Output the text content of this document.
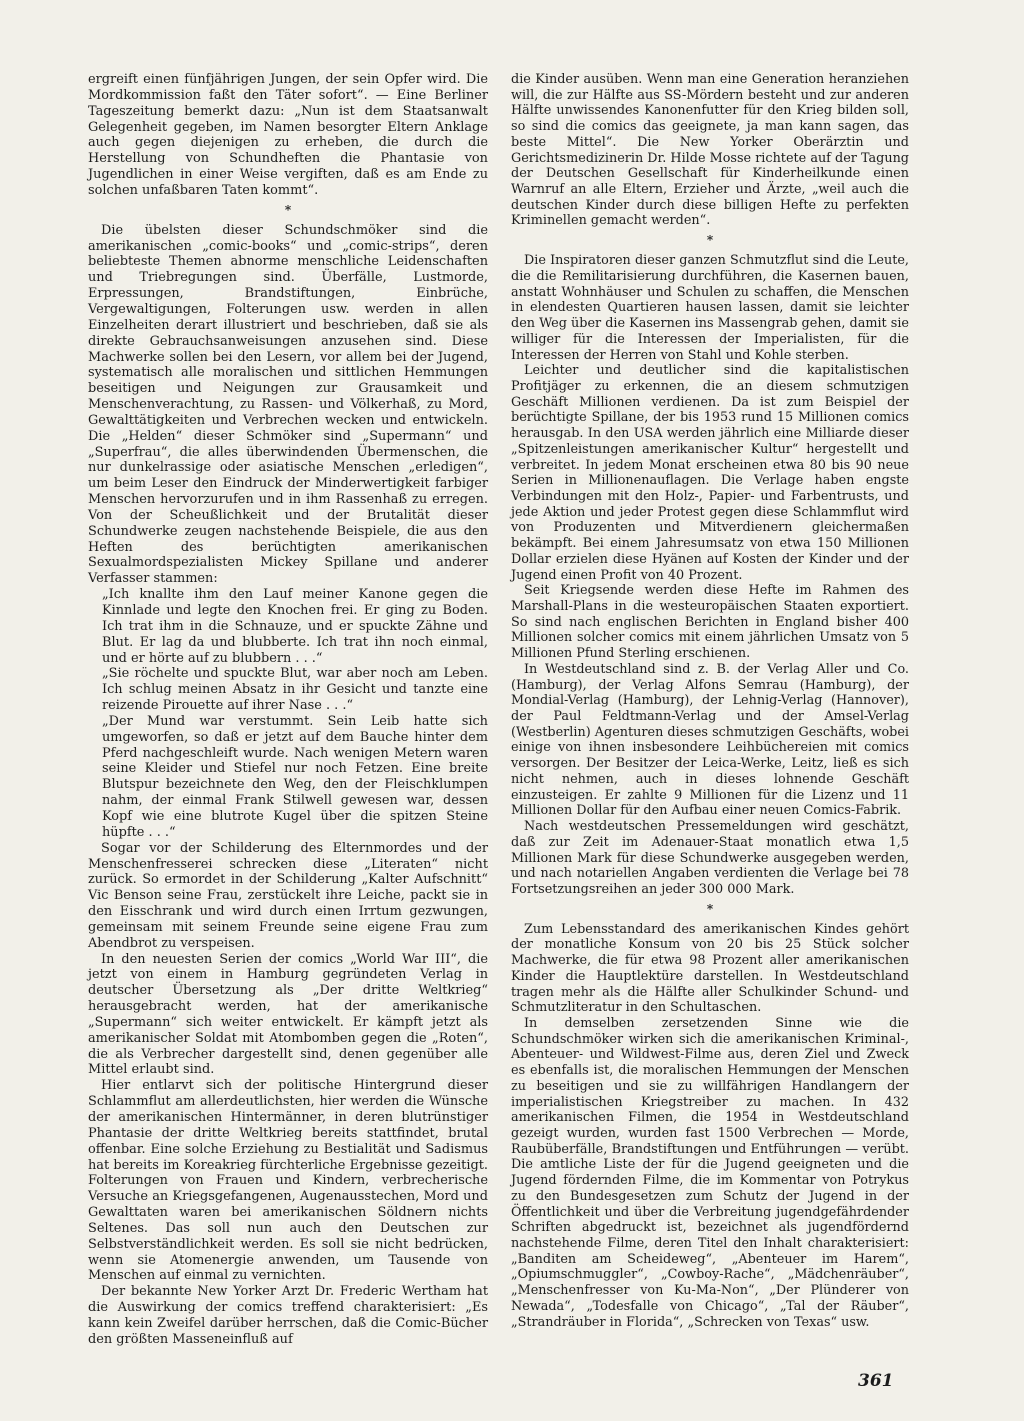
ergreift einen fünfjährigen Jungen, der sein Opfer wird. Die Mordkommission faßt den Täter sofort“. — Eine Berliner Tageszeitung bemerkt dazu: „Nun ist dem Staatsanwalt Gelegenheit gegeben, im Namen besorgter Eltern Anklage auch gegen diejenigen zu erheben, die durch die Herstellung von Schundheften die Phantasie von Jugendlichen in einer Weise vergiften, daß es am Ende zu solchen unfaßbaren Taten kommt“.

*

Die übelsten dieser Schundschmöker sind die amerikanischen „comic-books“ und „comic-strips“, deren beliebteste Themen abnorme menschliche Leidenschaften und Triebregungen sind. Überfälle, Lustmorde, Erpressungen, Brandstiftungen, Einbrüche, Vergewaltigungen, Folterungen usw. werden in allen Einzelheiten derart illustriert und beschrieben, daß sie als direkte Gebrauchsanweisungen anzusehen sind. Diese Machwerke sollen bei den Lesern, vor allem bei der Jugend, systematisch alle moralischen und sittlichen Hemmungen beseitigen und Neigungen zur Grausamkeit und Menschenverachtung, zu Rassen- und Völkerhaß, zu Mord, Gewalttätigkeiten und Verbrechen wecken und entwickeln. Die „Helden“ dieser Schmöker sind „Supermann“ und „Superfrau“, die alles überwindenden Übermenschen, die nur dunkelrassige oder asiatische Menschen „erledigen“, um beim Leser den Eindruck der Minderwertigkeit farbiger Menschen hervorzurufen und in ihm Rassenhaß zu erregen. Von der Scheußlichkeit und der Brutalität dieser Schundwerke zeugen nachstehende Beispiele, die aus den Heften des berüchtigten amerikanischen Sexualmordspezialisten Mickey Spillane und anderer Verfasser stammen:

„Ich knallte ihm den Lauf meiner Kanone gegen die Kinnlade und legte den Knochen frei. Er ging zu Boden. Ich trat ihm in die Schnauze, und er spuckte Zähne und Blut. Er lag da und blubberte. Ich trat ihn noch einmal, und er hörte auf zu blubbern . . .“

„Sie röchelte und spuckte Blut, war aber noch am Leben. Ich schlug meinen Absatz in ihr Gesicht und tanzte eine reizende Pirouette auf ihrer Nase . . .“

„Der Mund war verstummt. Sein Leib hatte sich umgeworfen, so daß er jetzt auf dem Bauche hinter dem Pferd nachgeschleift wurde. Nach wenigen Metern waren seine Kleider und Stiefel nur noch Fetzen. Eine breite Blutspur bezeichnete den Weg, den der Fleischklumpen nahm, der einmal Frank Stilwell gewesen war, dessen Kopf wie eine blutrote Kugel über die spitzen Steine hüpfte . . .“

Sogar vor der Schilderung des Elternmordes und der Menschenfresserei schrecken diese „Literaten“ nicht zurück. So ermordet in der Schilderung „Kalter Aufschnitt“ Vic Benson seine Frau, zerstückelt ihre Leiche, packt sie in den Eisschrank und wird durch einen Irrtum gezwungen, gemeinsam mit seinem Freunde seine eigene Frau zum Abendbrot zu verspeisen.

In den neuesten Serien der comics „World War III“, die jetzt von einem in Hamburg gegründeten Verlag in deutscher Übersetzung als „Der dritte Weltkrieg“ herausgebracht werden, hat der amerikanische „Supermann“ sich weiter entwickelt. Er kämpft jetzt als amerikanischer Soldat mit Atombomben gegen die „Roten“, die als Verbrecher dargestellt sind, denen gegenüber alle Mittel erlaubt sind.

Hier entlarvt sich der politische Hintergrund dieser Schlammflut am allerdeutlichsten, hier werden die Wünsche der amerikanischen Hintermänner, in deren blutrünstiger Phantasie der dritte Weltkrieg bereits stattfindet, brutal offenbar. Eine solche Erziehung zu Bestialität und Sadismus hat bereits im Koreakrieg fürchterliche Ergebnisse gezeitigt. Folterungen von Frauen und Kindern, verbrecherische Versuche an Kriegsgefangenen, Augenausstechen, Mord und Gewalttaten waren bei amerikanischen Söldnern nichts Seltenes. Das soll nun auch den Deutschen zur Selbstverständlichkeit werden. Es soll sie nicht bedrücken, wenn sie Atomenergie anwenden, um Tausende von Menschen auf einmal zu vernichten.

Der bekannte New Yorker Arzt Dr. Frederic Wertham hat die Auswirkung der comics treffend charakterisiert: „Es kann kein Zweifel darüber herrschen, daß die Comic-Bücher den größten Masseneinfluß auf

die Kinder ausüben. Wenn man eine Generation heranziehen will, die zur Hälfte aus SS-Mördern besteht und zur anderen Hälfte unwissendes Kanonenfutter für den Krieg bilden soll, so sind die comics das geeignete, ja man kann sagen, das beste Mittel“. Die New Yorker Oberärztin und Gerichtsmedizinerin Dr. Hilde Mosse richtete auf der Tagung der Deutschen Gesellschaft für Kinderheilkunde einen Warnruf an alle Eltern, Erzieher und Ärzte, „weil auch die deutschen Kinder durch diese billigen Hefte zu perfekten Kriminellen gemacht werden“.

*

Die Inspiratoren dieser ganzen Schmutzflut sind die Leute, die die Remilitarisierung durchführen, die Kasernen bauen, anstatt Wohnhäuser und Schulen zu schaffen, die Menschen in elendesten Quartieren hausen lassen, damit sie leichter den Weg über die Kasernen ins Massengrab gehen, damit sie williger für die Interessen der Imperialisten, für die Interessen der Herren von Stahl und Kohle sterben.

Leichter und deutlicher sind die kapitalistischen Profitjäger zu erkennen, die an diesem schmutzigen Geschäft Millionen verdienen. Da ist zum Beispiel der berüchtigte Spillane, der bis 1953 rund 15 Millionen comics herausgab. In den USA werden jährlich eine Milliarde dieser „Spitzenleistungen amerikanischer Kultur“ hergestellt und verbreitet. In jedem Monat erscheinen etwa 80 bis 90 neue Serien in Millionenauflagen. Die Verlage haben engste Verbindungen mit den Holz-, Papier- und Farbentrusts, und jede Aktion und jeder Protest gegen diese Schlammflut wird von Produzenten und Mitverdienern gleichermaßen bekämpft. Bei einem Jahresumsatz von etwa 150 Millionen Dollar erzielen diese Hyänen auf Kosten der Kinder und der Jugend einen Profit von 40 Prozent.

Seit Kriegsende werden diese Hefte im Rahmen des Marshall-Plans in die westeuropäischen Staaten exportiert. So sind nach englischen Berichten in England bisher 400 Millionen solcher comics mit einem jährlichen Umsatz von 5 Millionen Pfund Sterling erschienen.

In Westdeutschland sind z. B. der Verlag Aller und Co. (Hamburg), der Verlag Alfons Semrau (Hamburg), der Mondial-Verlag (Hamburg), der Lehnig-Verlag (Hannover), der Paul Feldtmann-Verlag und der Amsel-Verlag (Westberlin) Agenturen dieses schmutzigen Geschäfts, wobei einige von ihnen insbesondere Leihbüchereien mit comics versorgen. Der Besitzer der Leica-Werke, Leitz, ließ es sich nicht nehmen, auch in dieses lohnende Geschäft einzusteigen. Er zahlte 9 Millionen für die Lizenz und 11 Millionen Dollar für den Aufbau einer neuen Comics-Fabrik.

Nach westdeutschen Pressemeldungen wird geschätzt, daß zur Zeit im Adenauer-Staat monatlich etwa 1,5 Millionen Mark für diese Schundwerke ausgegeben werden, und nach notariellen Angaben verdienten die Verlage bei 78 Fortsetzungsreihen an jeder 300 000 Mark.

*

Zum Lebensstandard des amerikanischen Kindes gehört der monatliche Konsum von 20 bis 25 Stück solcher Machwerke, die für etwa 98 Prozent aller amerikanischen Kinder die Hauptlektüre darstellen. In Westdeutschland tragen mehr als die Hälfte aller Schulkinder Schund- und Schmutzliteratur in den Schultaschen.

In demselben zersetzenden Sinne wie die Schundschmöker wirken sich die amerikanischen Kriminal-, Abenteuer- und Wildwest-Filme aus, deren Ziel und Zweck es ebenfalls ist, die moralischen Hemmungen der Menschen zu beseitigen und sie zu willfährigen Handlangern der imperialistischen Kriegstreiber zu machen. In 432 amerikanischen Filmen, die 1954 in Westdeutschland gezeigt wurden, wurden fast 1500 Verbrechen — Morde, Raubüberfälle, Brandstiftungen und Entführungen — verübt. Die amtliche Liste der für die Jugend geeigneten und die Jugend fördernden Filme, die im Kommentar von Potrykus zu den Bundesgesetzen zum Schutz der Jugend in der Öffentlichkeit und über die Verbreitung jugendgefährdender Schriften abgedruckt ist, bezeichnet als jugendfördernd nachstehende Filme, deren Titel den Inhalt charakterisiert: „Banditen am Scheideweg“, „Abenteuer im Harem“, „Opiumschmuggler“, „Cowboy-Rache“, „Mädchenräuber“, „Menschenfresser von Ku-Ma-Non“, „Der Plünderer von Newada“, „Todesfalle von Chicago“, „Tal der Räuber“, „Strandräuber in Florida“, „Schrecken von Texas“ usw.

361
